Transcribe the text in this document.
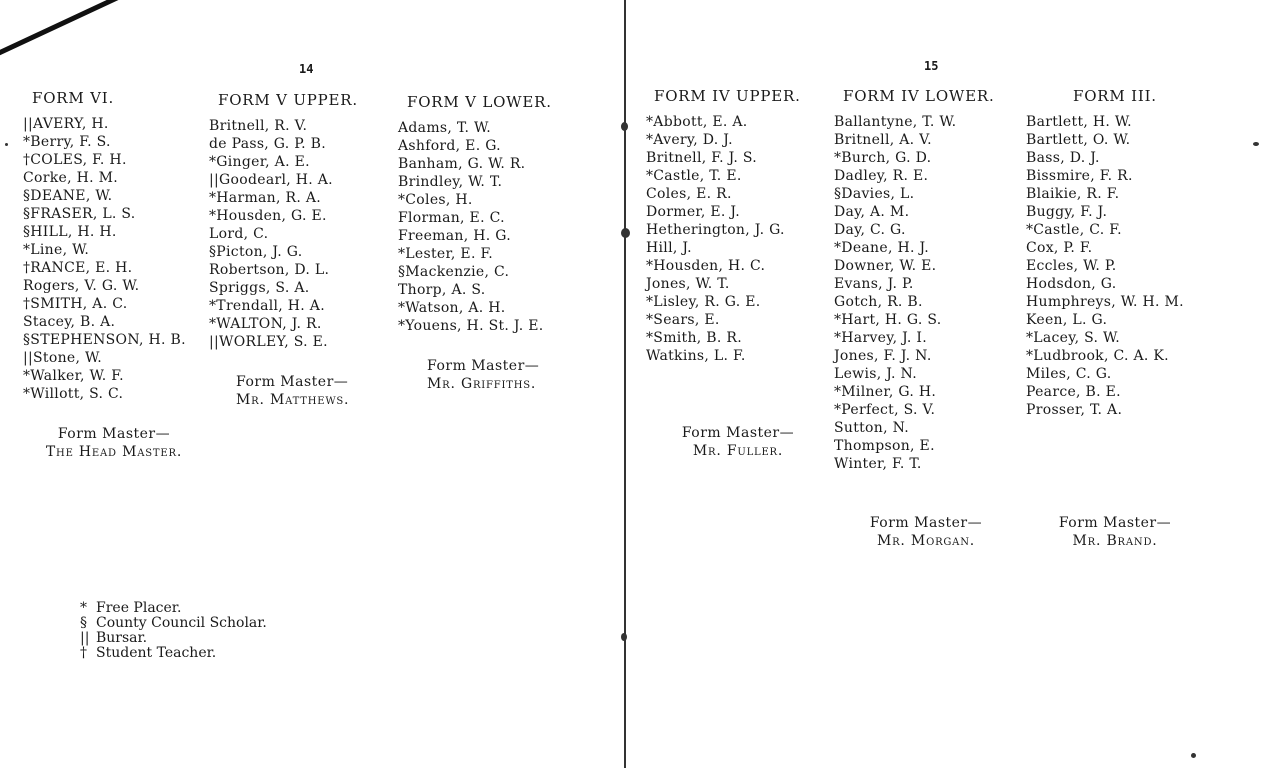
14
FORM VI.
||AVERY, H.
*Berry, F. S.
†COLES, F. H.
Corke, H. M.
§DEANE, W.
§FRASER, L. S.
§HILL, H. H.
*Line, W.
†RANCE, E. H.
Rogers, V. G. W.
†SMITH, A. C.
Stacey, B. A.
§STEPHENSON, H. B.
||Stone, W.
*Walker, W. F.
*Willott, S. C.
Form Master—
The Head Master.
FORM V UPPER.
Britnell, R. V.
de Pass, G. P. B.
*Ginger, A. E.
||Goodearl, H. A.
*Harman, R. A.
*Housden, G. E.
Lord, C.
§Picton, J. G.
Robertson, D. L.
Spriggs, S. A.
*Trendall, H. A.
*WALTON, J. R.
||WORLEY, S. E.
Form Master—
Mr. Matthews.
FORM V LOWER.
Adams, T. W.
Ashford, E. G.
Banham, G. W. R.
Brindley, W. T.
*Coles, H.
Florman, E. C.
Freeman, H. G.
*Lester, E. F.
§Mackenzie, C.
Thorp, A. S.
*Watson, A. H.
*Youens, H. St. J. E.
Form Master—
Mr. Griffiths.
* Free Placer.
§ County Council Scholar.
|| Bursar.
† Student Teacher.
15
FORM IV UPPER.
*Abbott, E. A.
*Avery, D. J.
Britnell, F. J. S.
*Castle, T. E.
Coles, E. R.
Dormer, E. J.
Hetherington, J. G.
Hill, J.
*Housden, H. C.
Jones, W. T.
*Lisley, R. G. E.
*Sears, E.
*Smith, B. R.
Watkins, L. F.
Form Master—
Mr. Fuller.
FORM IV LOWER.
Ballantyne, T. W.
Britnell, A. V.
*Burch, G. D.
Dadley, R. E.
§Davies, L.
Day, A. M.
Day, C. G.
*Deane, H. J.
Downer, W. E.
Evans, J. P.
Gotch, R. B.
*Hart, H. G. S.
*Harvey, J. I.
Jones, F. J. N.
Lewis, J. N.
*Milner, G. H.
*Perfect, S. V.
Sutton, N.
Thompson, E.
Winter, F. T.
Form Master—
Mr. Morgan.
FORM III.
Bartlett, H. W.
Bartlett, O. W.
Bass, D. J.
Bissmire, F. R.
Blaikie, R. F.
Buggy, F. J.
*Castle, C. F.
Cox, P. F.
Eccles, W. P.
Hodsdon, G.
Humphreys, W. H. M.
Keen, L. G.
*Lacey, S. W.
*Ludbrook, C. A. K.
Miles, C. G.
Pearce, B. E.
Prosser, T. A.
Form Master—
Mr. Brand.
